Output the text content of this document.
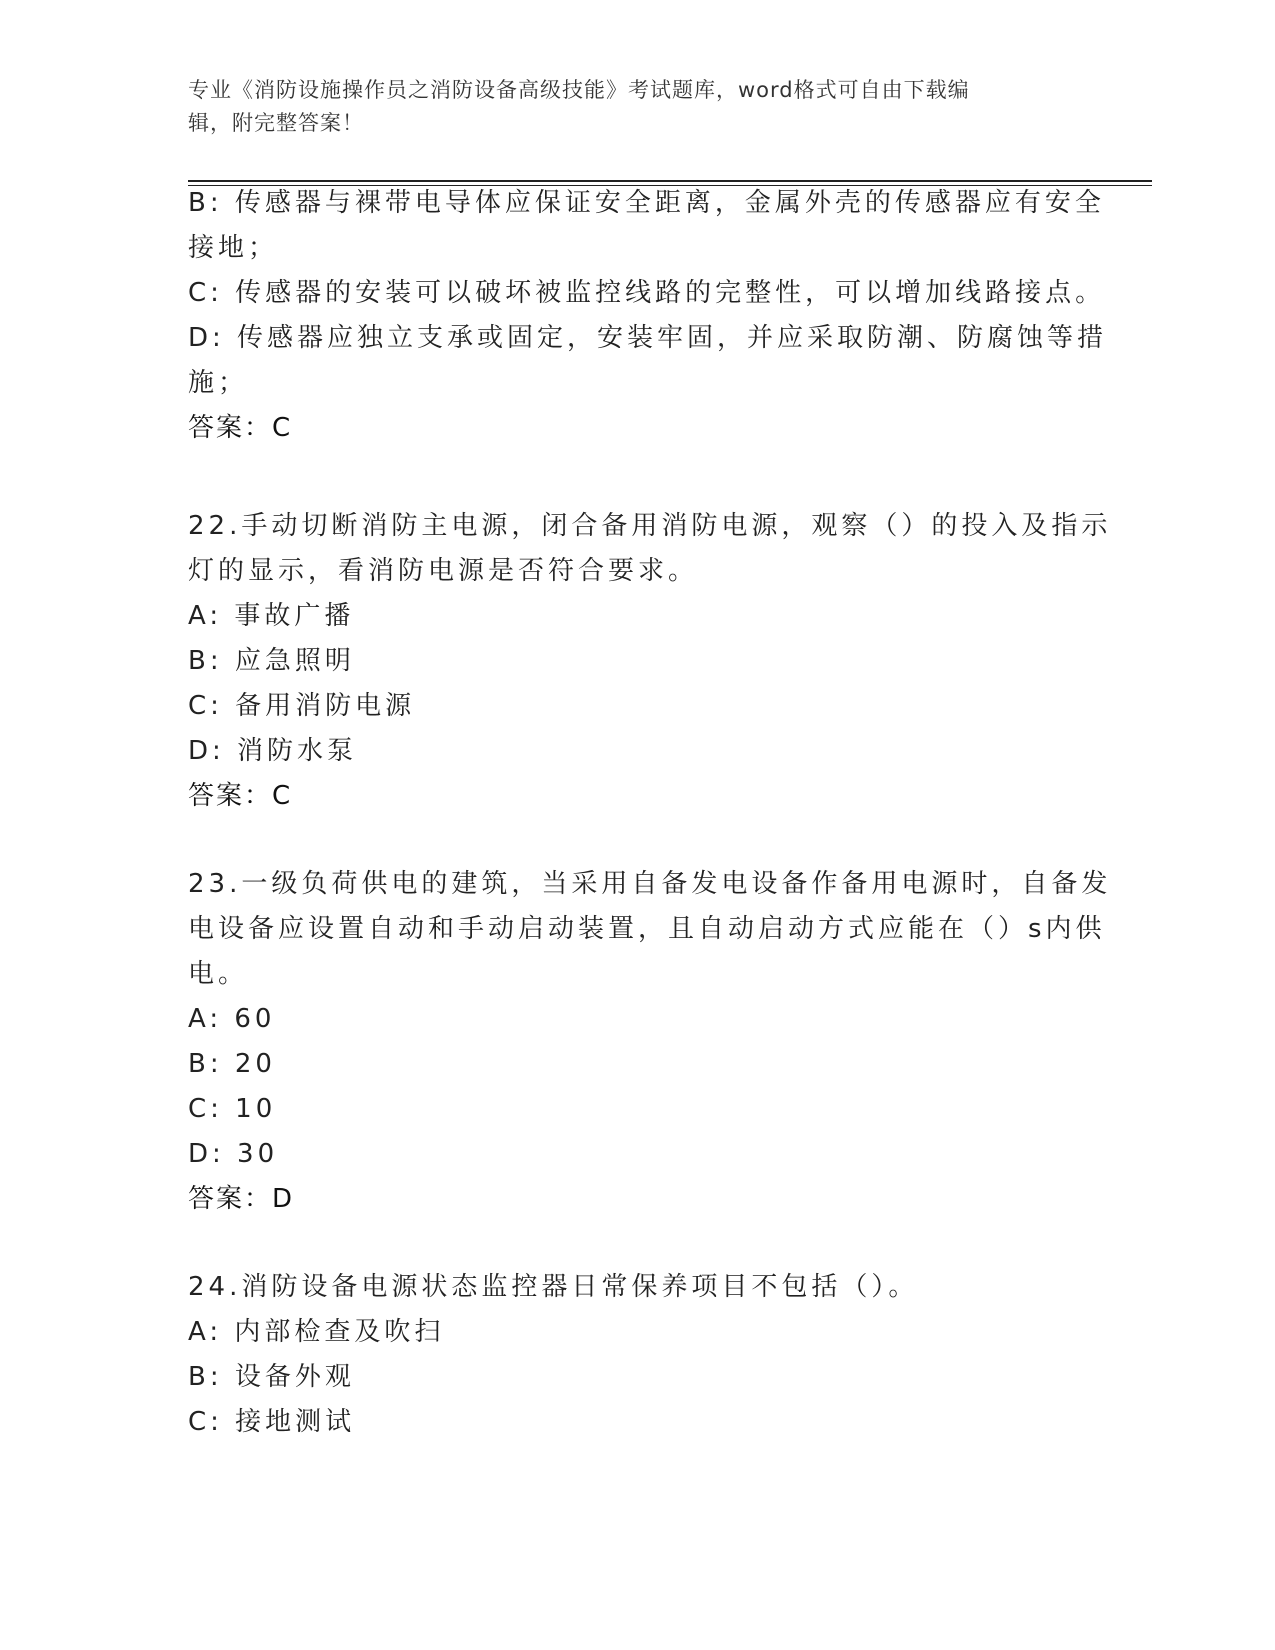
专业《消防设施操作员之消防设备高级技能》考试题库，word格式可自由下载编
辑，附完整答案！
B: 传感器与裸带电导体应保证安全距离，金属外壳的传感器应有安全
接地；
C: 传感器的安装可以破坏被监控线路的完整性，可以增加线路接点。
D: 传感器应独立支承或固定，安装牢固，并应采取防潮、防腐蚀等措
施；
答案：C
22.手动切断消防主电源，闭合备用消防电源，观察（）的投入及指示
灯的显示，看消防电源是否符合要求。
A: 事故广播
B: 应急照明
C: 备用消防电源
D: 消防水泵
答案：C
23.一级负荷供电的建筑，当采用自备发电设备作备用电源时，自备发
电设备应设置自动和手动启动装置，且自动启动方式应能在（）s内供
电。
A: 60
B: 20
C: 10
D: 30
答案：D
24.消防设备电源状态监控器日常保养项目不包括（）。
A: 内部检查及吹扫
B: 设备外观
C: 接地测试
